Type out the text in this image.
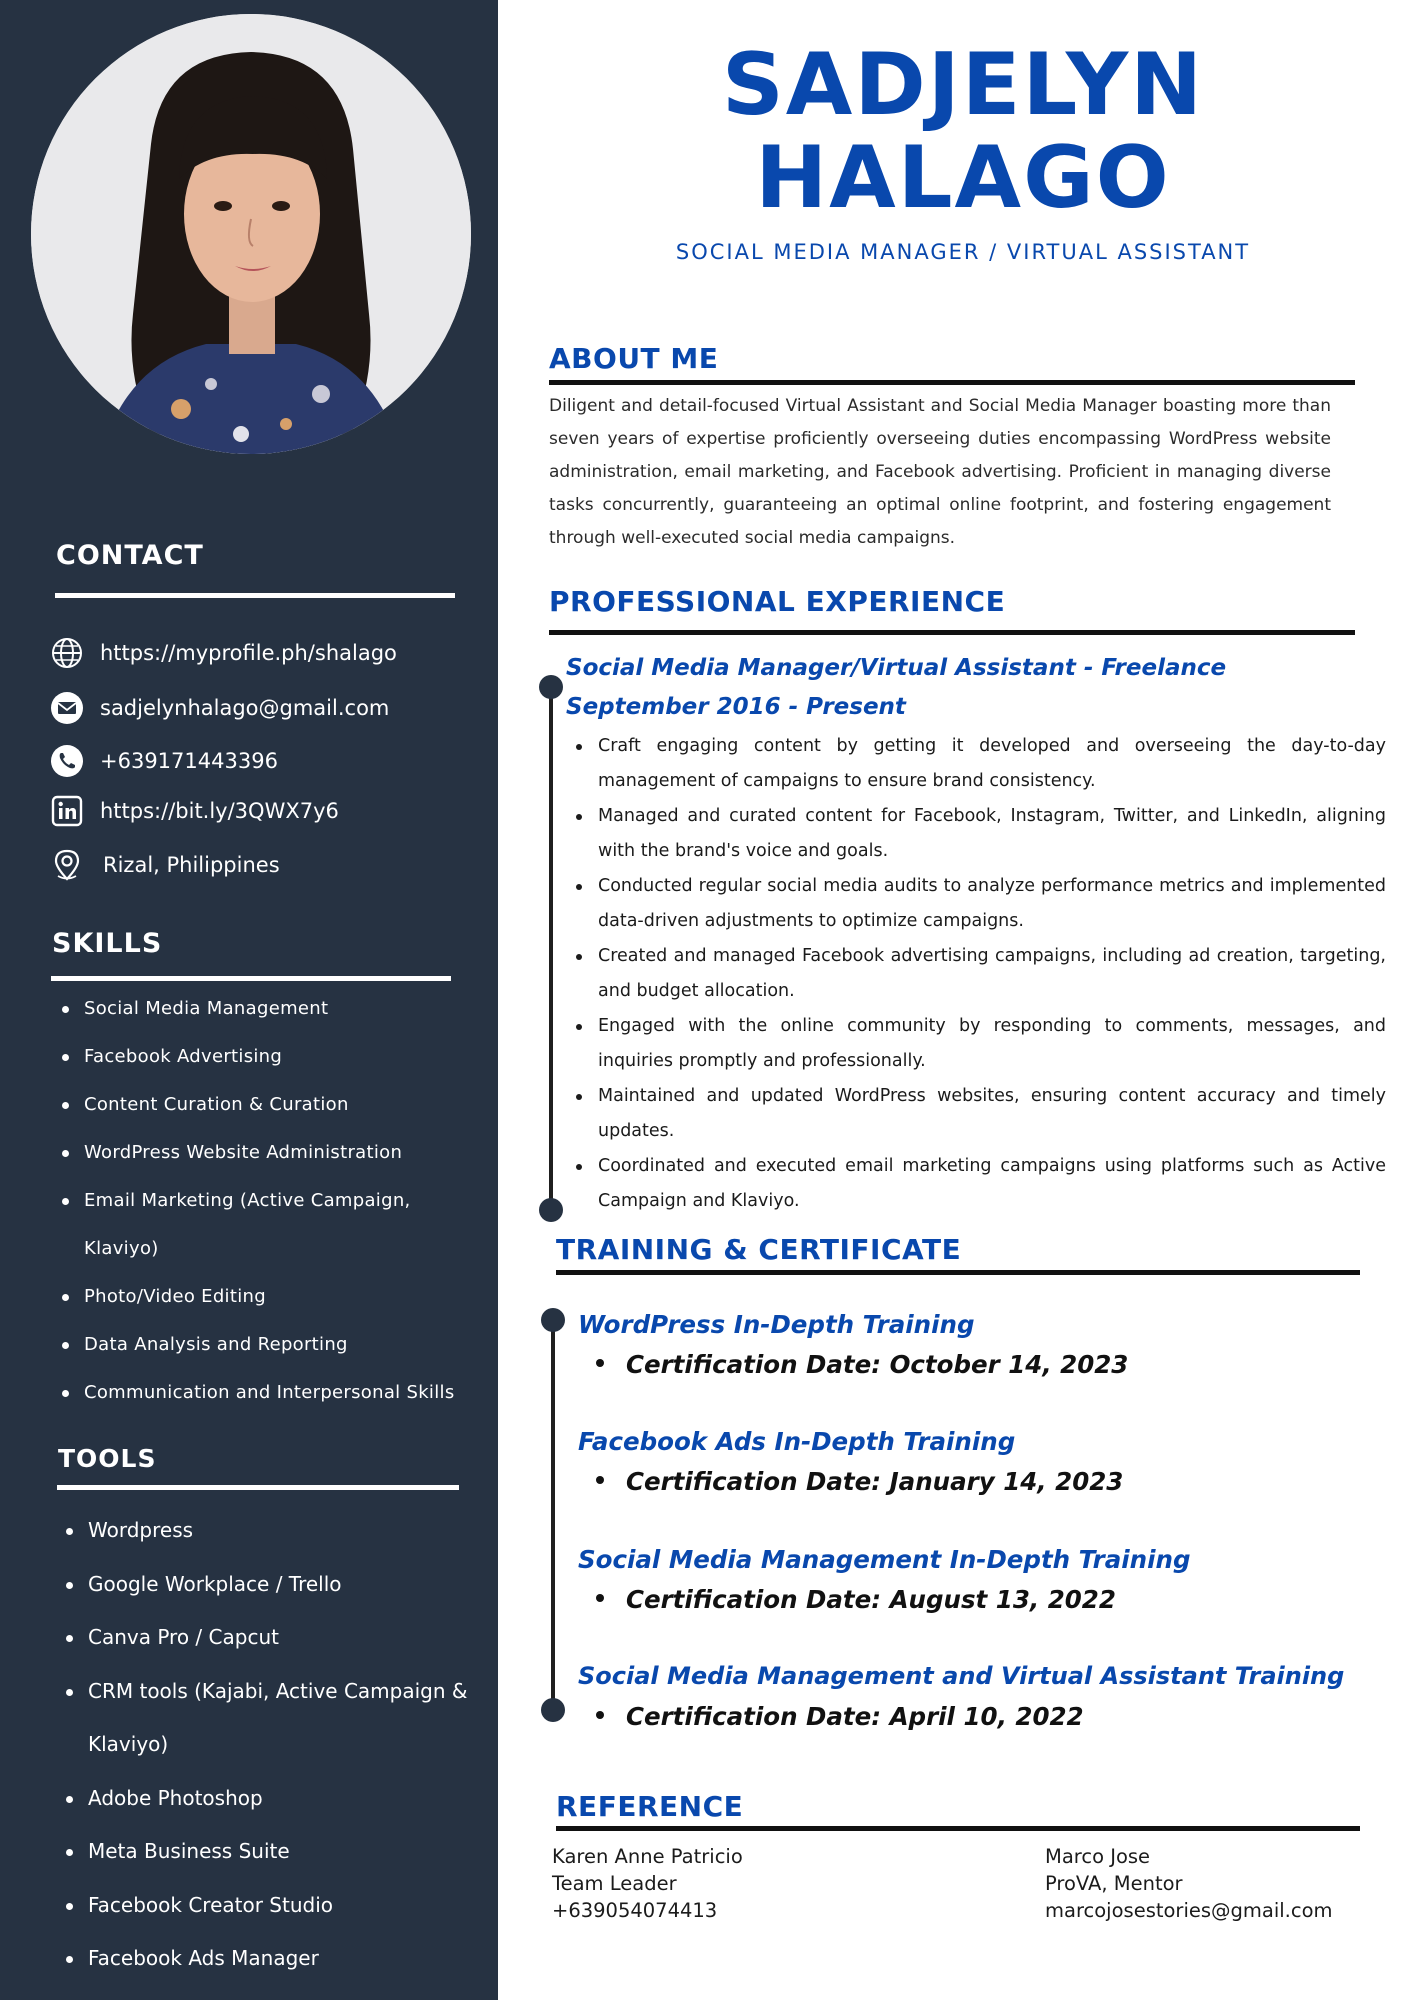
CONTACT
https://myprofile.ph/shalago
sadjelynhalago@gmail.com
+639171443396
https://bit.ly/3QWX7y6
Rizal, Philippines
SKILLS
Social Media Management
Facebook Advertising
Content Curation & Curation
WordPress Website Administration
Email Marketing (Active Campaign,
Klaviyo)
Photo/Video Editing
Data Analysis and Reporting
Communication and Interpersonal Skills
TOOLS
Wordpress
Google Workplace / Trello
Canva Pro / Capcut
CRM tools (Kajabi, Active Campaign &
Klaviyo)
Adobe Photoshop
Meta Business Suite
Facebook Creator Studio
Facebook Ads Manager
SADJELYN
HALAGO
SOCIAL MEDIA MANAGER / VIRTUAL ASSISTANT
ABOUT ME
Diligent and detail-focused Virtual Assistant and Social Media Manager boasting more than seven years of expertise proficiently overseeing duties encompassing WordPress website administration, email marketing, and Facebook advertising. Proficient in managing diverse tasks concurrently, guaranteeing an optimal online footprint, and fostering engagement through well-executed social media campaigns.
PROFESSIONAL EXPERIENCE
Social Media Manager/Virtual Assistant - Freelance
September 2016 - Present
Craft engaging content by getting it developed and overseeing the day-to-day management of campaigns to ensure brand consistency.
Managed and curated content for Facebook, Instagram, Twitter, and LinkedIn, aligning with the brand's voice and goals.
Conducted regular social media audits to analyze performance metrics and implemented data-driven adjustments to optimize campaigns.
Created and managed Facebook advertising campaigns, including ad creation, targeting, and budget allocation.
Engaged with the online community by responding to comments, messages, and inquiries promptly and professionally.
Maintained and updated WordPress websites, ensuring content accuracy and timely updates.
Coordinated and executed email marketing campaigns using platforms such as Active Campaign and Klaviyo.
TRAINING & CERTIFICATE
WordPress In-Depth Training
Certification Date: October 14, 2023
Facebook Ads In-Depth Training
Certification Date: January 14, 2023
Social Media Management In-Depth Training
Certification Date: August 13, 2022
Social Media Management and Virtual Assistant Training
Certification Date: April 10, 2022
REFERENCE
Karen Anne Patricio
Team Leader
+639054074413
Marco Jose
ProVA, Mentor
marcojosestories@gmail.com
